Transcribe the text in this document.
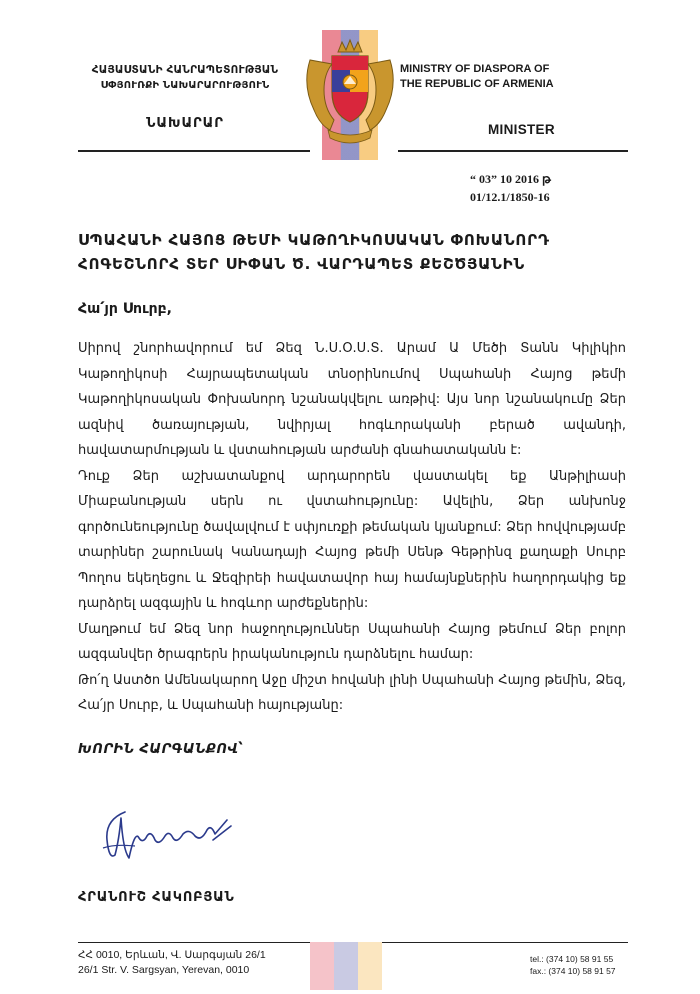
ՀԱՅԱՍՏԱՆԻ ՀԱՆՐԱՊԵՏՈՒԹՅԱՆ
ՍՓՅՈՒՌՔԻ ՆԱԽԱՐԱՐՈՒԹՅՈՒՆ
ՆԱԽԱՐԱՐ
MINISTRY OF DIASPORA OF
THE REPUBLIC OF ARMENIA
MINISTER
“ 03” 10 2016 թ
01/12.1/1850-16
ՍՊԱՀԱՆԻ ՀԱՅՈՑ ԹԵՄԻ ԿԱԹՈՂԻԿՈՍԱԿԱՆ ՓՈԽԱՆՈՐԴ
ՀՈԳԵՇՆՈՐՀ ՏԵՐ ՍԻՓԱՆ Ծ. ՎԱՐԴԱՊԵՏ ՔԵՇԾՅԱՆԻՆ
Հա՛յր Սուրբ,

Սիրով շնորհավորում եմ Ձեզ Ն.Ս.Օ.Ս.Տ. Արամ Ա Մեծի Տանն Կիլիկիո Կաթողիկոսի Հայրապետական տնօրինումով Սպահանի Հայոց թեմի Կաթողիկոսական Փոխանորդ նշանակվելու առթիվ: Այս նոր նշանակումը Ձեր ազնիվ ծառայության, նվիրյալ հոգևորականի բերած ավանդի, հավատարմության և վստահության արժանի գնահատականն է:

Դուք Ձեր աշխատանքով արդարորեն վաստակել եք Անթիլիասի Միաբանության սերն ու վստահությունը: Ավելին, Ձեր անխոնջ գործունեությունը ծավալվում է սփյուռքի թեմական կյանքում: Ձեր հովվությամբ տարիներ շարունակ Կանադայի Հայոց թեմի Սենթ Գեթրինզ քաղաքի Սուրբ Պողոս եկեղեցու և Ջեզիրեի հավատավոր հայ համայնքներին հաղորդակից եք դարձրել ազգային և հոգևոր արժեքներին:

Մաղթում եմ Ձեզ նոր հաջողություններ Սպահանի Հայոց թեմում Ձեր բոլոր ազգանվեր ծրագրերն իրականություն դարձնելու համար:

Թո՛ղ Աստծո Ամենակարող Աջը միշտ հովանի լինի Սպահանի Հայոց թեմին, Ձեզ, Հա՛յր Սուրբ, և Սպահանի հայությանը:

ԽՈՐԻՆ ՀԱՐԳԱՆՔՈՎ՝
ՀՐԱՆՈՒՇ ՀԱԿՈԲՅԱՆ
ՀՀ 0010, Երևան, Վ. Սարգսյան 26/1
26/1 Str. V. Sargsyan, Yerevan, 0010
tel.: (374 10) 58 91 55
fax.: (374 10) 58 91 57
